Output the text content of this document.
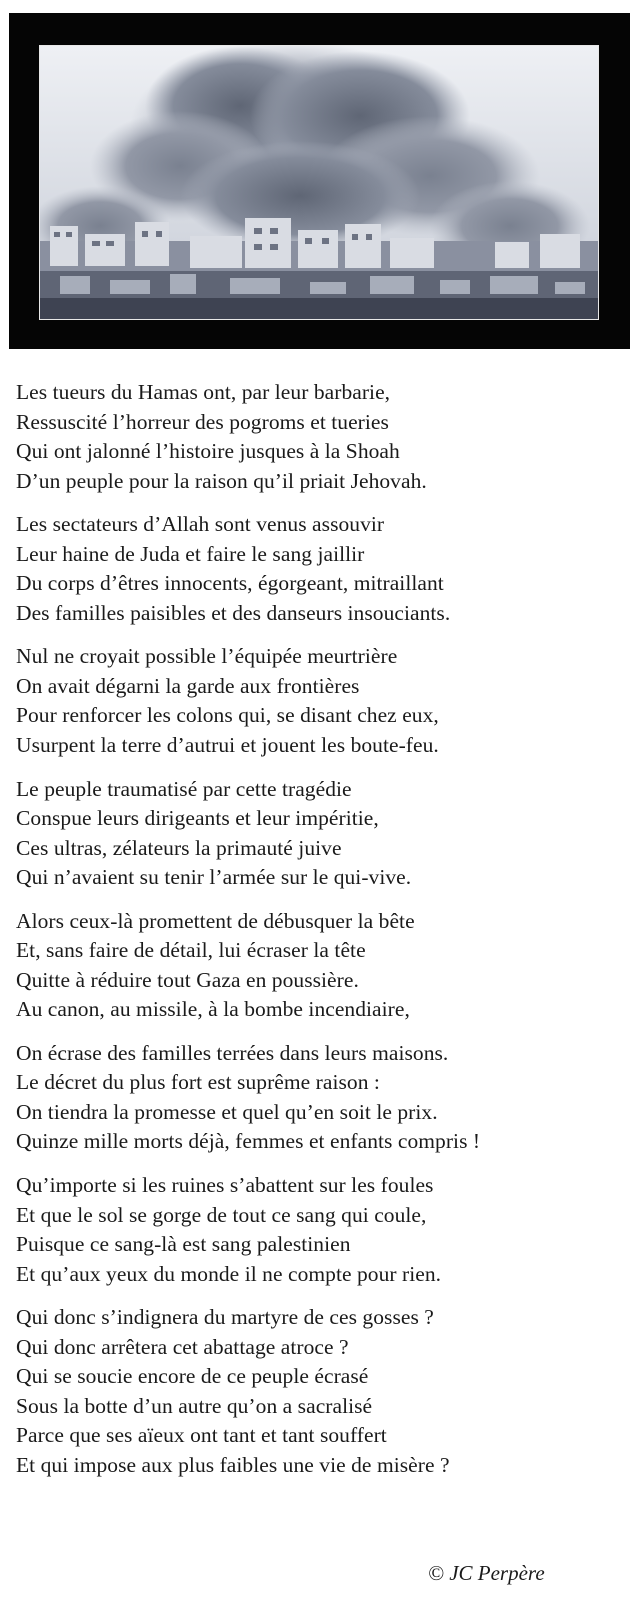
Les tueurs du Hamas ont, par leur barbarie,
Ressuscité l’horreur des pogroms et tueries
Qui ont jalonné l’histoire jusques à la Shoah
D’un peuple pour la raison qu’il priait Jehovah.
Les sectateurs d’Allah sont venus assouvir
Leur haine de Juda et faire le sang jaillir
Du corps d’êtres innocents, égorgeant, mitraillant
Des familles paisibles et des danseurs insouciants.
Nul ne croyait possible l’équipée meurtrière
On avait dégarni la garde aux frontières
Pour renforcer les colons qui, se disant chez eux,
Usurpent la terre d’autrui et jouent les boute-feu.
Le peuple traumatisé par cette tragédie
Conspue leurs dirigeants et leur impéritie,
Ces ultras, zélateurs la primauté juive
Qui n’avaient su tenir l’armée sur le qui-vive.
Alors ceux-là promettent de débusquer la bête
Et, sans faire de détail, lui écraser la tête
Quitte à réduire tout Gaza en poussière.
Au canon, au missile, à la bombe incendiaire,
On écrase des familles terrées dans leurs maisons.
Le décret du plus fort est suprême raison :
On tiendra la promesse et quel qu’en soit le prix.
Quinze mille morts déjà, femmes et enfants compris !
Qu’importe si les ruines s’abattent sur les foules
Et que le sol se gorge de tout ce sang qui coule,
Puisque ce sang-là est sang palestinien
Et qu’aux yeux du monde il ne compte pour rien.
Qui donc s’indignera du martyre de ces gosses ?
Qui donc arrêtera cet abattage atroce ?
Qui se soucie encore de ce peuple écrasé
Sous la botte d’un autre qu’on a sacralisé
Parce que ses aïeux ont tant et tant souffert
Et qui impose aux plus faibles une vie de misère ?
© JC Perpère
